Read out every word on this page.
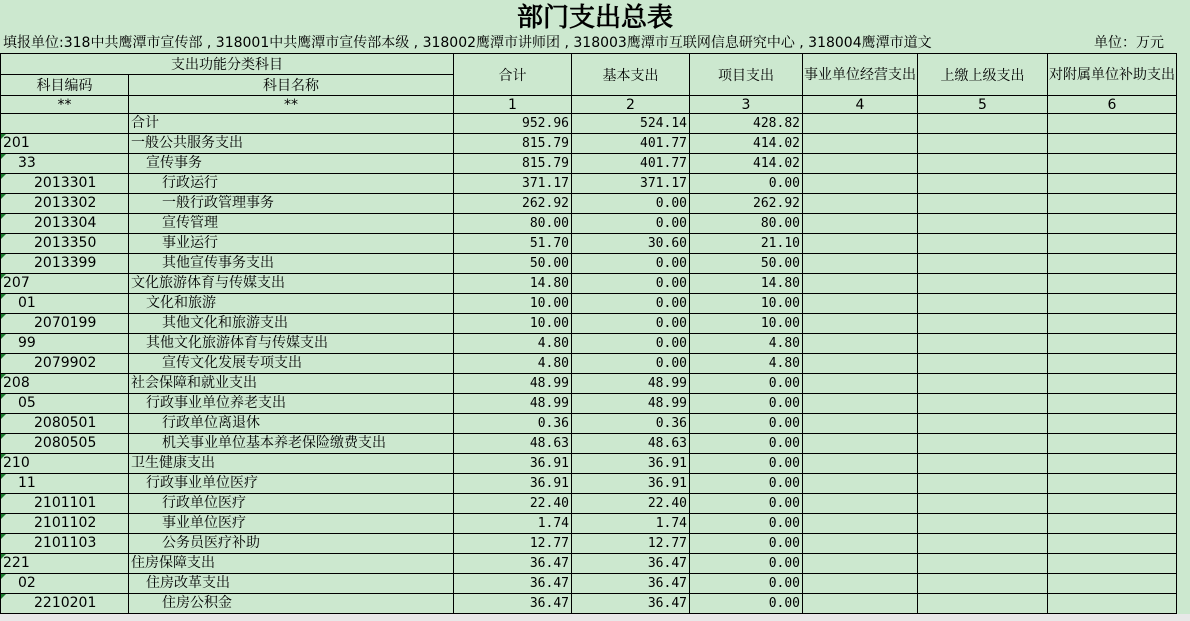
部门支出总表
填报单位:318中共鹰潭市宣传部 , 318001中共鹰潭市宣传部本级 , 318002鹰潭市讲师团 , 318003鹰潭市互联网信息研究中心 , 318004鹰潭市道文	单位：万元
支出功能分类科目		合计	基本支出	项目支出	事业单位经营支出	上缴上级支出	对附属单位补助支出
科目编码	科目名称						
**	**	1	2	3	4	5	6
	合计	952.96	524.14	428.82			
201	一般公共服务支出	815.79	401.77	414.02			
33	宣传事务	815.79	401.77	414.02			
2013301	行政运行	371.17	371.17	0.00			
2013302	一般行政管理事务	262.92	0.00	262.92			
2013304	宣传管理	80.00	0.00	80.00			
2013350	事业运行	51.70	30.60	21.10			
2013399	其他宣传事务支出	50.00	0.00	50.00			
207	文化旅游体育与传媒支出	14.80	0.00	14.80			
01	文化和旅游	10.00	0.00	10.00			
2070199	其他文化和旅游支出	10.00	0.00	10.00			
99	其他文化旅游体育与传媒支出	4.80	0.00	4.80			
2079902	宣传文化发展专项支出	4.80	0.00	4.80			
208	社会保障和就业支出	48.99	48.99	0.00			
05	行政事业单位养老支出	48.99	48.99	0.00			
2080501	行政单位离退休	0.36	0.36	0.00			
2080505	机关事业单位基本养老保险缴费支出	48.63	48.63	0.00			
210	卫生健康支出	36.91	36.91	0.00			
11	行政事业单位医疗	36.91	36.91	0.00			
2101101	行政单位医疗	22.40	22.40	0.00			
2101102	事业单位医疗	1.74	1.74	0.00			
2101103	公务员医疗补助	12.77	12.77	0.00			
221	住房保障支出	36.47	36.47	0.00			
02	住房改革支出	36.47	36.47	0.00			
2210201	住房公积金	36.47	36.47	0.00			
